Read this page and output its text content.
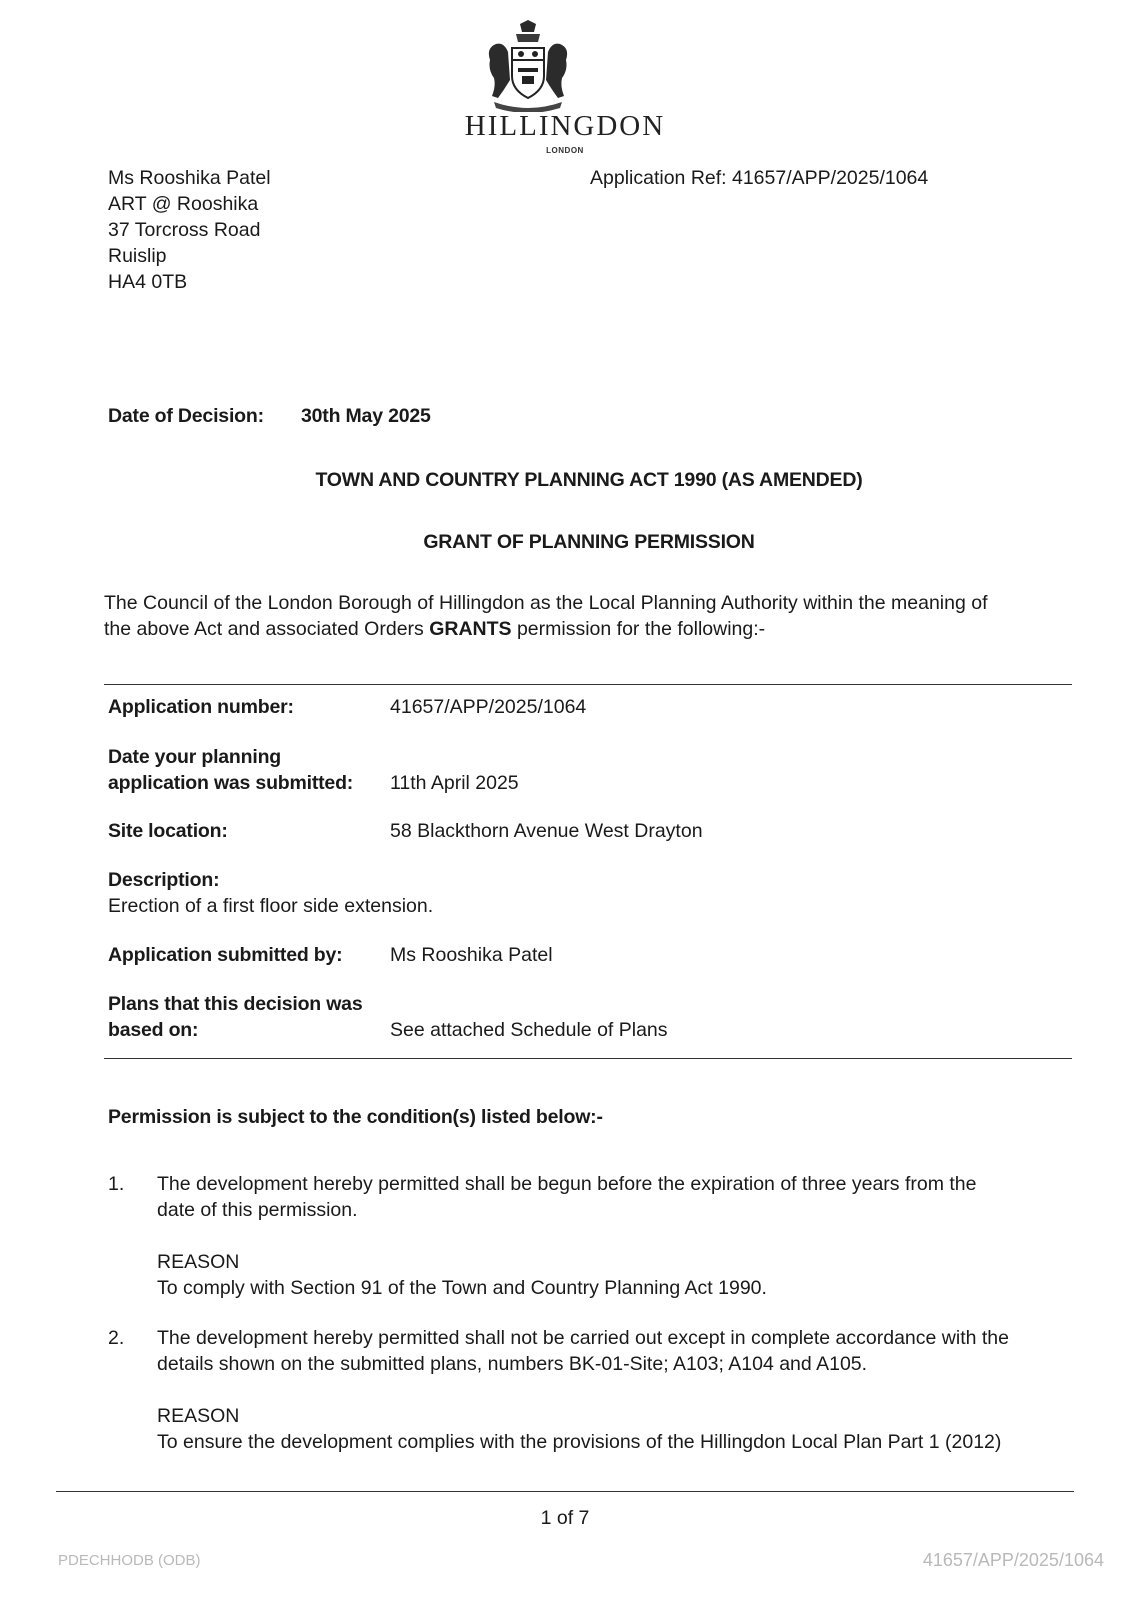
HILLINGDON
LONDON
Ms Rooshika Patel
ART @ Rooshika
37 Torcross Road
Ruislip
HA4 0TB
Application Ref: 41657/APP/2025/1064
Date of Decision: 30th May 2025
TOWN AND COUNTRY PLANNING ACT 1990 (AS AMENDED)
GRANT OF PLANNING PERMISSION
The Council of the London Borough of Hillingdon as the Local Planning Authority within the meaning of
the above Act and associated Orders GRANTS permission for the following:-
Application number:	41657/APP/2025/1064
Date your planning
application was submitted:	11th April 2025
Site location:	58 Blackthorn Avenue West Drayton
Description:
Erection of a first floor side extension.
Application submitted by:	Ms Rooshika Patel
Plans that this decision was
based on:	See attached Schedule of Plans
Permission is subject to the condition(s) listed below:-
1. The development hereby permitted shall be begun before the expiration of three years from the
date of this permission.
REASON
To comply with Section 91 of the Town and Country Planning Act 1990.
2. The development hereby permitted shall not be carried out except in complete accordance with the
details shown on the submitted plans, numbers BK-01-Site; A103; A104 and A105.
REASON
To ensure the development complies with the provisions of the Hillingdon Local Plan Part 1 (2012)
1 of 7
PDECHHODB (ODB)	41657/APP/2025/1064
